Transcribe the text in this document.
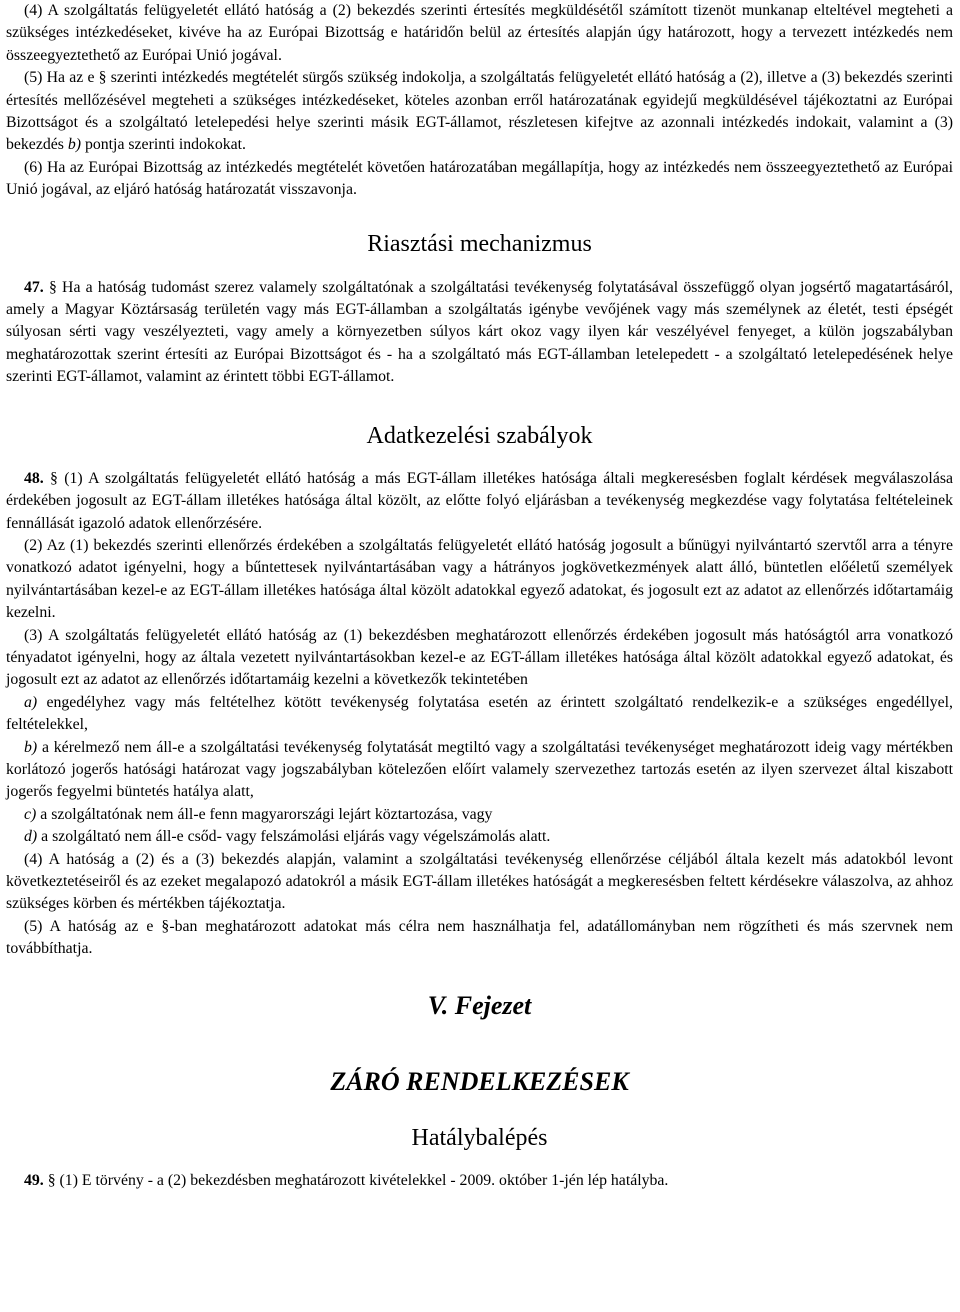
(4) A szolgáltatás felügyeletét ellátó hatóság a (2) bekezdés szerinti értesítés megküldésétől számított tizenöt munkanap elteltével megteheti a szükséges intézkedéseket, kivéve ha az Európai Bizottság e határidőn belül az értesítés alapján úgy határozott, hogy a tervezett intézkedés nem összeegyeztethető az Európai Unió jogával.

(5) Ha az e § szerinti intézkedés megtételét sürgős szükség indokolja, a szolgáltatás felügyeletét ellátó hatóság a (2), illetve a (3) bekezdés szerinti értesítés mellőzésével megteheti a szükséges intézkedéseket, köteles azonban erről határozatának egyidejű megküldésével tájékoztatni az Európai Bizottságot és a szolgáltató letelepedési helye szerinti másik EGT-államot, részletesen kifejtve az azonnali intézkedés indokait, valamint a (3) bekezdés b) pontja szerinti indokokat.

(6) Ha az Európai Bizottság az intézkedés megtételét követően határozatában megállapítja, hogy az intézkedés nem összeegyeztethető az Európai Unió jogával, az eljáró hatóság határozatát visszavonja.

Riasztási mechanizmus

47. § Ha a hatóság tudomást szerez valamely szolgáltatónak a szolgáltatási tevékenység folytatásával összefüggő olyan jogsértő magatartásáról, amely a Magyar Köztársaság területén vagy más EGT-államban a szolgáltatás igénybe vevőjének vagy más személynek az életét, testi épségét súlyosan sérti vagy veszélyezteti, vagy amely a környezetben súlyos kárt okoz vagy ilyen kár veszélyével fenyeget, a külön jogszabályban meghatározottak szerint értesíti az Európai Bizottságot és - ha a szolgáltató más EGT-államban letelepedett - a szolgáltató letelepedésének helye szerinti EGT-államot, valamint az érintett többi EGT-államot.

Adatkezelési szabályok

48. § (1) A szolgáltatás felügyeletét ellátó hatóság a más EGT-állam illetékes hatósága általi megkeresésben foglalt kérdések megválaszolása érdekében jogosult az EGT-állam illetékes hatósága által közölt, az előtte folyó eljárásban a tevékenység megkezdése vagy folytatása feltételeinek fennállását igazoló adatok ellenőrzésére.

(2) Az (1) bekezdés szerinti ellenőrzés érdekében a szolgáltatás felügyeletét ellátó hatóság jogosult a bűnügyi nyilvántartó szervtől arra a tényre vonatkozó adatot igényelni, hogy a bűntettesek nyilvántartásában vagy a hátrányos jogkövetkezmények alatt álló, büntetlen előéletű személyek nyilvántartásában kezel-e az EGT-állam illetékes hatósága által közölt adatokkal egyező adatokat, és jogosult ezt az adatot az ellenőrzés időtartamáig kezelni.

(3) A szolgáltatás felügyeletét ellátó hatóság az (1) bekezdésben meghatározott ellenőrzés érdekében jogosult más hatóságtól arra vonatkozó tényadatot igényelni, hogy az általa vezetett nyilvántartásokban kezel-e az EGT-állam illetékes hatósága által közölt adatokkal egyező adatokat, és jogosult ezt az adatot az ellenőrzés időtartamáig kezelni a következők tekintetében

a) engedélyhez vagy más feltételhez kötött tevékenység folytatása esetén az érintett szolgáltató rendelkezik-e a szükséges engedéllyel, feltételekkel,

b) a kérelmező nem áll-e a szolgáltatási tevékenység folytatását megtiltó vagy a szolgáltatási tevékenységet meghatározott ideig vagy mértékben korlátozó jogerős hatósági határozat vagy jogszabályban kötelezően előírt valamely szervezethez tartozás esetén az ilyen szervezet által kiszabott jogerős fegyelmi büntetés hatálya alatt,

c) a szolgáltatónak nem áll-e fenn magyarországi lejárt köztartozása, vagy

d) a szolgáltató nem áll-e csőd- vagy felszámolási eljárás vagy végelszámolás alatt.

(4) A hatóság a (2) és a (3) bekezdés alapján, valamint a szolgáltatási tevékenység ellenőrzése céljából általa kezelt más adatokból levont következtetéseiről és az ezeket megalapozó adatokról a másik EGT-állam illetékes hatóságát a megkeresésben feltett kérdésekre válaszolva, az ahhoz szükséges körben és mértékben tájékoztatja.

(5) A hatóság az e §-ban meghatározott adatokat más célra nem használhatja fel, adatállományban nem rögzítheti és más szervnek nem továbbíthatja.

V. Fejezet
ZÁRÓ RENDELKEZÉSEK
Hatálybalépés

49. § (1) E törvény - a (2) bekezdésben meghatározott kivételekkel - 2009. október 1-jén lép hatályba.
